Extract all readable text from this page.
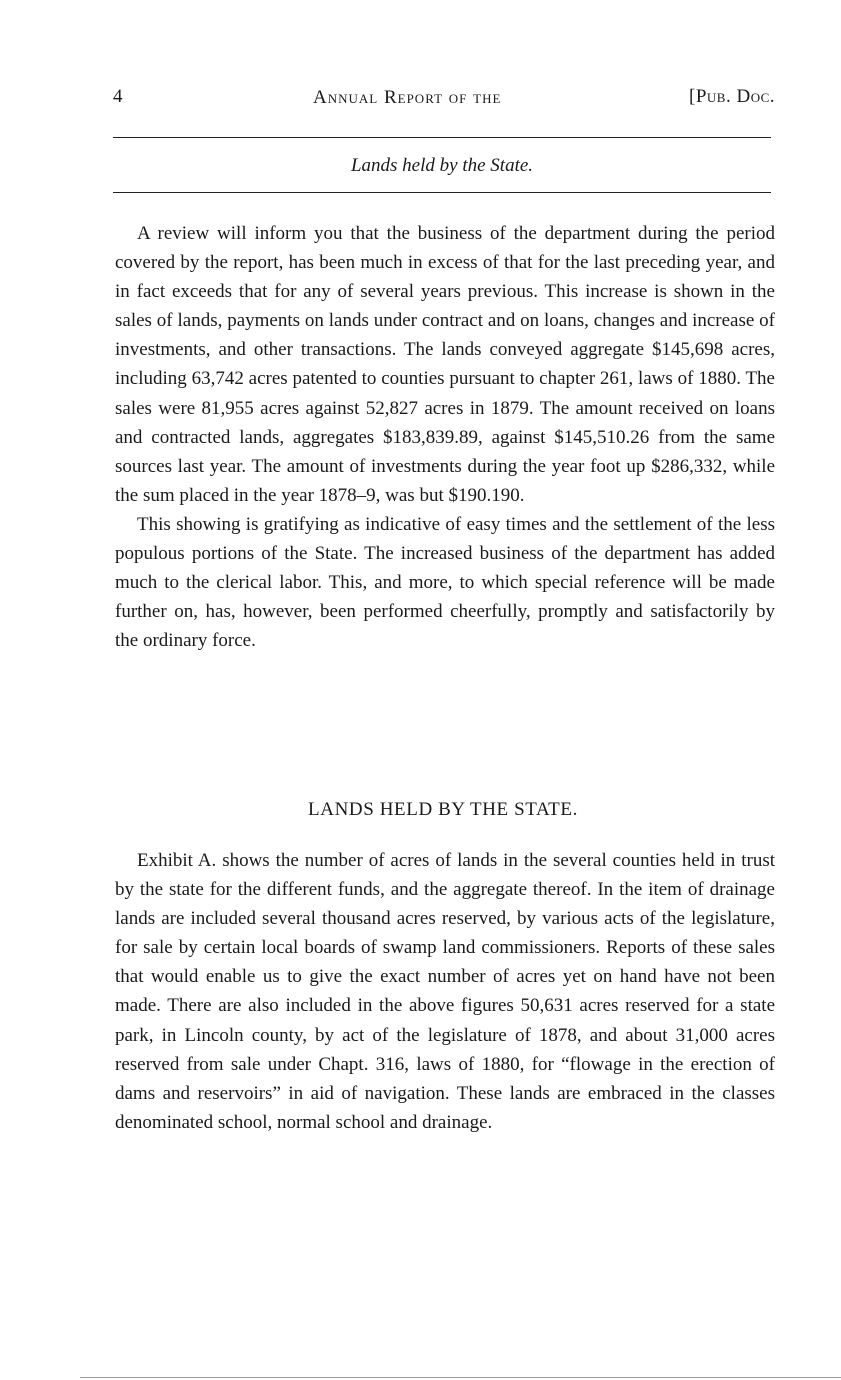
4	Annual Report of the	[Pub. Doc.
Lands held by the State.

A review will inform you that the business of the department during the period covered by the report, has been much in excess of that for the last preceding year, and in fact exceeds that for any of several years previous. This increase is shown in the sales of lands, payments on lands under contract and on loans, changes and increase of investments, and other transactions. The lands conveyed aggregate $145,698 acres, including 63,742 acres patented to counties pursuant to chapter 261, laws of 1880. The sales were 81,955 acres against 52,827 acres in 1879. The amount received on loans and contracted lands, aggregates $183,839.89, against $145,510.26 from the same sources last year. The amount of investments during the year foot up $286,332, while the sum placed in the year 1878–9, was but $190.190.

This showing is gratifying as indicative of easy times and the settlement of the less populous portions of the State. The increased business of the department has added much to the clerical labor. This, and more, to which special reference will be made further on, has, however, been performed cheerfully, promptly and satisfactorily by the ordinary force.

LANDS HELD BY THE STATE.

Exhibit A. shows the number of acres of lands in the several counties held in trust by the state for the different funds, and the aggregate thereof. In the item of drainage lands are included several thousand acres reserved, by various acts of the legislature, for sale by certain local boards of swamp land commissioners. Reports of these sales that would enable us to give the exact number of acres yet on hand have not been made. There are also included in the above figures 50,631 acres reserved for a state park, in Lincoln county, by act of the legislature of 1878, and about 31,000 acres reserved from sale under Chapt. 316, laws of 1880, for “flowage in the erection of dams and reservoirs” in aid of navigation. These lands are embraced in the classes denominated school, normal school and drainage.
